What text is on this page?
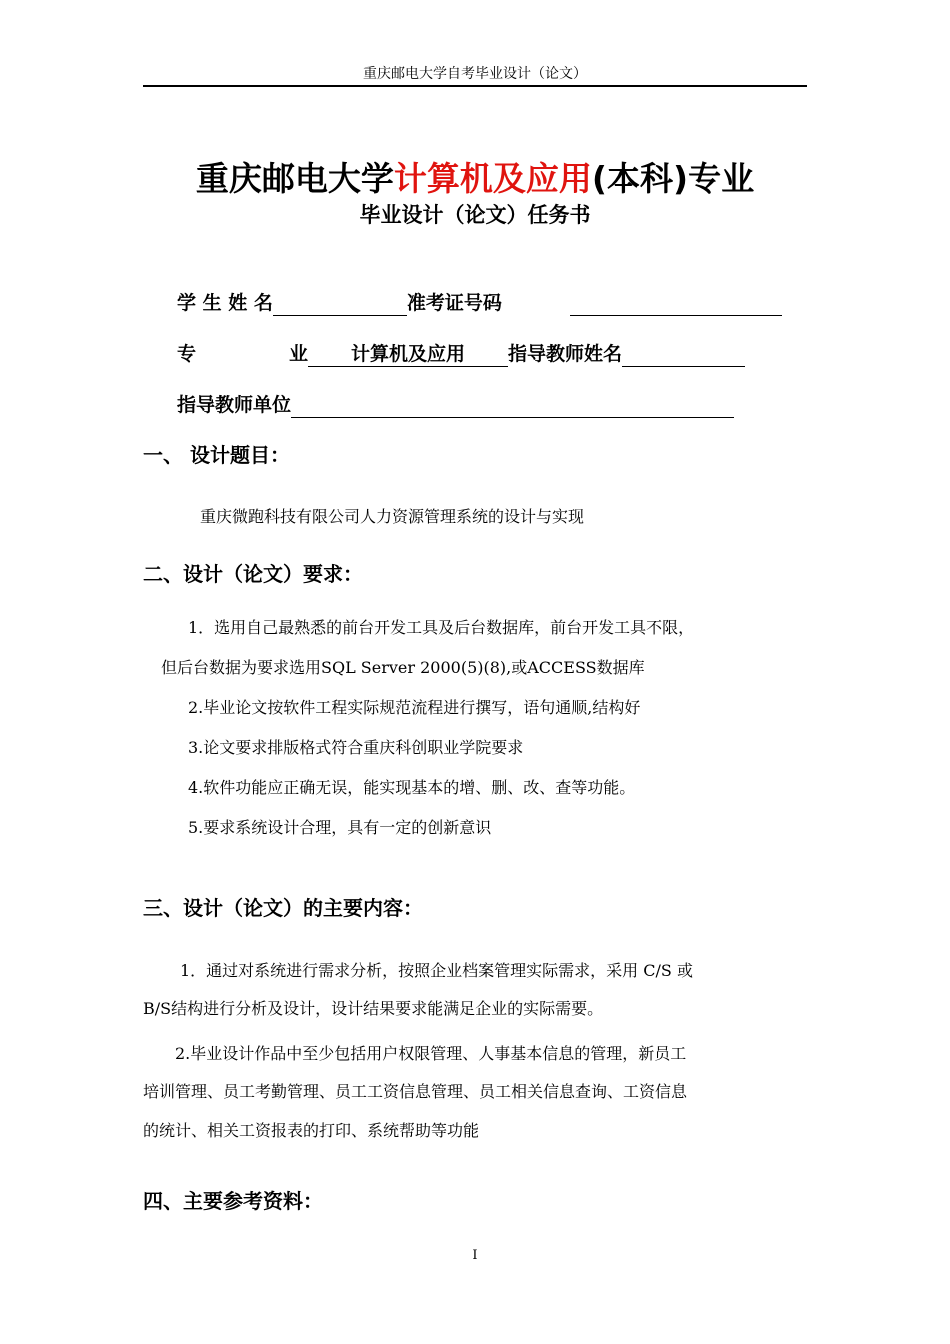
重庆邮电大学自考毕业设计（论文）
重庆邮电大学计算机及应用(本科)专业
毕业设计（论文）任务书
学 生 姓 名	准考证号码
专	业 计算机及应用 指导教师姓名
指导教师单位
一、 设计题目：
重庆微跑科技有限公司人力资源管理系统的设计与实现
二、设计（论文）要求：
1．选用自己最熟悉的前台开发工具及后台数据库，前台开发工具不限，
但后台数据为要求选用SQL Server 2000(5)(8),或ACCESS数据库
2.毕业论文按软件工程实际规范流程进行撰写，语句通顺,结构好
3.论文要求排版格式符合重庆科创职业学院要求
4.软件功能应正确无误，能实现基本的增、删、改、查等功能。
5.要求系统设计合理，具有一定的创新意识
三、设计（论文）的主要内容：
1．通过对系统进行需求分析，按照企业档案管理实际需求，采用 C/S 或
B/S结构进行分析及设计，设计结果要求能满足企业的实际需要。
2.毕业设计作品中至少包括用户权限管理、人事基本信息的管理，新员工
培训管理、员工考勤管理、员工工资信息管理、员工相关信息查询、工资信息
的统计、相关工资报表的打印、系统帮助等功能
四、主要参考资料：
I
